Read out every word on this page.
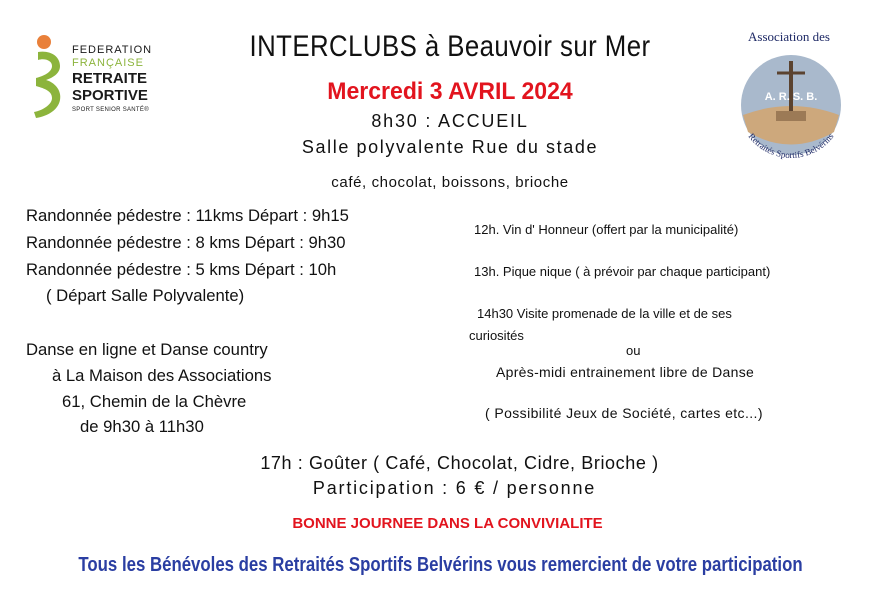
FEDERATION
FRANÇAISE
RETRAITE
SPORTIVE
SPORT SENIOR SANTÉ®
Association des
A. R. S. B.
Retraités Sportifs Belvérins
INTERCLUBS à Beauvoir sur Mer
Mercredi 3 AVRIL 2024
8h30 : ACCUEIL
Salle polyvalente Rue du stade
café, chocolat, boissons, brioche
Randonnée pédestre : 11kms Départ : 9h15
Randonnée pédestre : 8 kms Départ : 9h30
Randonnée pédestre : 5 kms Départ : 10h
( Départ Salle Polyvalente)
Danse en ligne et Danse country
à La Maison des Associations
61, Chemin de la Chèvre
de 9h30 à 11h30
12h. Vin d' Honneur (offert par la municipalité)
13h. Pique nique ( à prévoir par chaque participant)
14h30 Visite promenade de la ville et de ses
curiosités
ou
Après-midi entrainement libre de Danse
( Possibilité Jeux de Société, cartes etc...)
17h : Goûter ( Café, Chocolat, Cidre, Brioche )
Participation : 6 € / personne
BONNE JOURNEE DANS LA CONVIVIALITE
Tous les Bénévoles des Retraités Sportifs Belvérins vous remercient de votre participation
